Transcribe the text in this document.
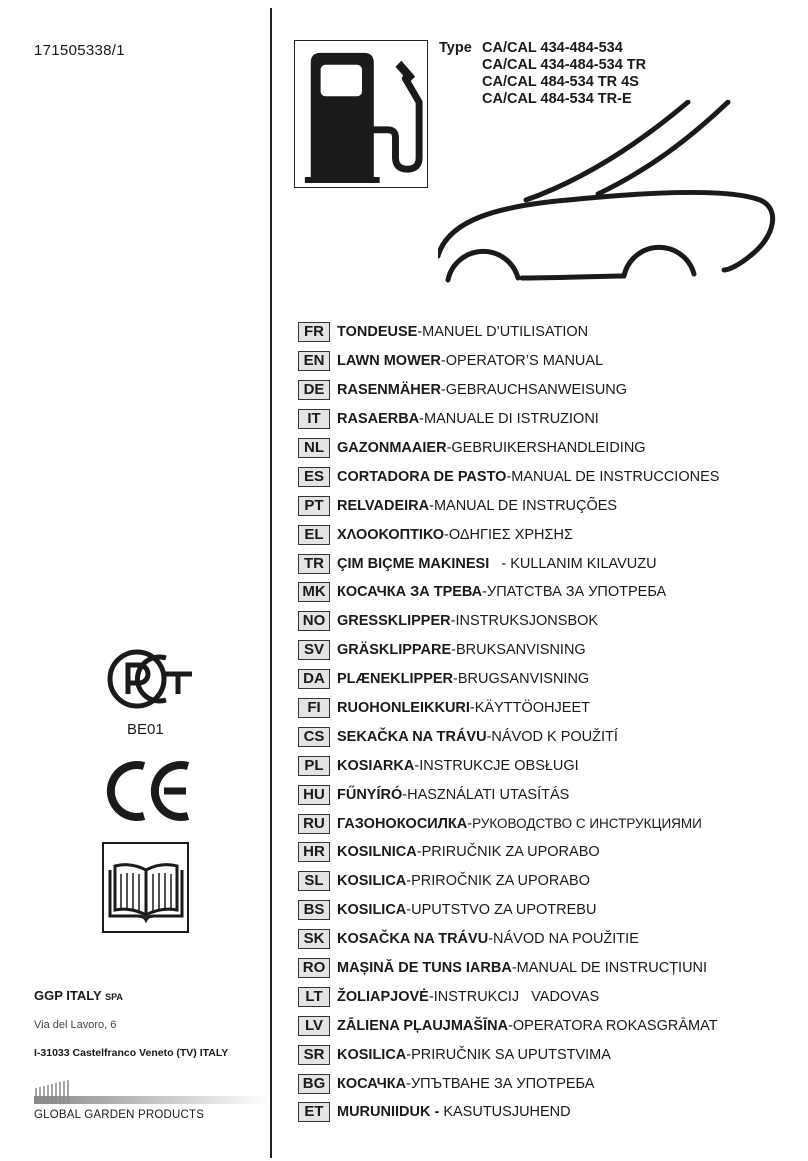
171505338/1
BE01
GGP ITALY SPA
Via del Lavoro, 6
I-31033 Castelfranco Veneto (TV) ITALY
GLOBAL GARDEN PRODUCTS
Type CA/CAL 434-484-534
CA/CAL 434-484-534 TR
CA/CAL 484-534 TR 4S
CA/CAL 484-534 TR-E
FR TONDEUSE - MANUEL D’UTILISATION
EN LAWN MOWER - OPERATOR’S MANUAL
DE RASENMÄHER - GEBRAUCHSANWEISUNG
IT	RASAERBA - MANUALE DI ISTRUZIONI
NL GAZONMAAIER - GEBRUIKERSHANDLEIDING
ES CORTADORA DE PASTO - MANUAL DE INSTRUCCIONES
PT RELVADEIRA - MANUAL DE INSTRUÇÕES
EL ΧΛΟΟΚΟΠΤΙΚΟ - ΟΔΗΓΙΕΣ ΧΡΗΣΗΣ
TR ÇIM BIÇME MAKINESI - KULLANIM KILAVUZU
MK КОСАЧКА ЗА ТРЕВА - УПАТСТВА ЗА УПОТРЕБА
NO GRESSKLIPPER - INSTRUKSJONSBOK
SV GRÄSKLIPPARE - BRUKSANVISNING
DA PLÆNEKLIPPER - BRUGSANVISNING
FI	RUOHONLEIKKURI - KÄYTTÖOHJEET
CS SEKAČKA NA TRÁVU - NÁVOD K POUŽITÍ
PL KOSIARKA - INSTRUKCJE OBSŁUGI
HU FŰNYÍRÓ - HASZNÁLATI UTASÍTÁS
RU ГАЗОНОКОСИЛКА - РУКОВОДСТВО С ИНСТРУКЦИЯМИ
HR KOSILNICA - PRIRUČNIK ZA UPORABO
SL KOSILICA - PRIROČNIK ZA UPORABO
BS KOSILICA - UPUTSTVO ZA UPOTREBU
SK KOSAČKA NA TRÁVU - NÁVOD NA POUŽITIE
RO MAȘINĂ DE TUNS IARBA - MANUAL DE INSTRUCȚIUNI
LT ŽOLIAPJOVĖ - INSTRUKCIJ   VADOVAS
LV ZĀLIENA PĻAUJMAŠĪNA - OPERATORA ROKASGRĀMAT
SR KOSILICA - PRIRUČNIK SA UPUTSTVIMA
BG КОСАЧКА - УПЪТВАНЕ ЗА УПОТРЕБА
ET MURUNIIDUK -
KASUTUSJUHEND
